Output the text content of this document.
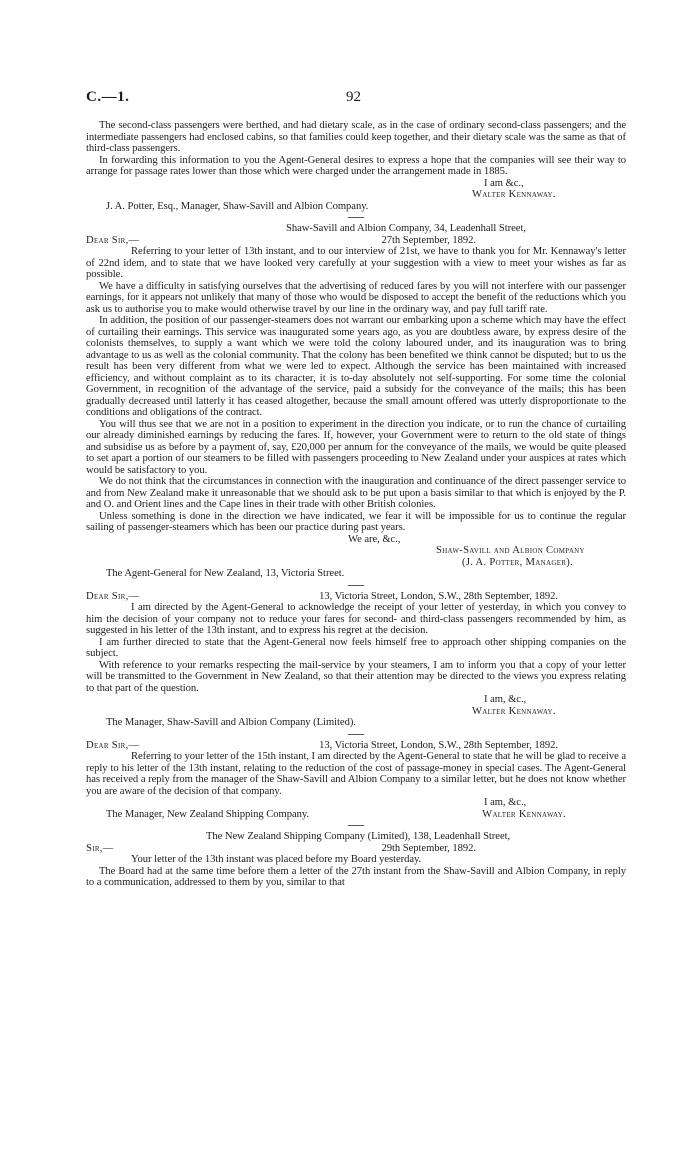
C.—1.	92

The second-class passengers were berthed, and had dietary scale, as in the case of ordinary second-class passengers; and the intermediate passengers had enclosed cabins, so that families could keep together, and their dietary scale was the same as that of third-class passengers.

In forwarding this information to you the Agent-General desires to express a hope that the companies will see their way to arrange for passage rates lower than those which were charged under the arrangement made in 1885.

I am &c.,

Walter Kennaway.

J. A. Potter, Esq., Manager, Shaw-Savill and Albion Company.

Shaw-Savill and Albion Company, 34, Leadenhall Street,

Dear Sir,—	27th September, 1892.

Referring to your letter of 13th instant, and to our interview of 21st, we have to thank you for Mr. Kennaway's letter of 22nd idem, and to state that we have looked very carefully at your suggestion with a view to meet your wishes as far as possible.

We have a difficulty in satisfying ourselves that the advertising of reduced fares by you will not interfere with our passenger earnings, for it appears not unlikely that many of those who would be disposed to accept the benefit of the reductions which you ask us to authorise you to make would otherwise travel by our line in the ordinary way, and pay full tariff rate.

In addition, the position of our passenger-steamers does not warrant our embarking upon a scheme which may have the effect of curtailing their earnings. This service was inaugurated some years ago, as you are doubtless aware, by express desire of the colonists themselves, to supply a want which we were told the colony laboured under, and its inauguration was to bring advantage to us as well as the colonial community. That the colony has been benefited we think cannot be disputed; but to us the result has been very different from what we were led to expect. Although the service has been maintained with increased efficiency, and without complaint as to its character, it is to-day absolutely not self-supporting. For some time the colonial Government, in recognition of the advantage of the service, paid a subsidy for the conveyance of the mails; this has been gradually decreased until latterly it has ceased altogether, because the small amount offered was utterly disproportionate to the conditions and obligations of the contract.

You will thus see that we are not in a position to experiment in the direction you indicate, or to run the chance of curtailing our already diminished earnings by reducing the fares. If, however, your Government were to return to the old state of things and subsidise us as before by a payment of, say, £20,000 per annum for the conveyance of the mails, we would be quite pleased to set apart a portion of our steamers to be filled with passengers proceeding to New Zealand under your auspices at rates which would be satisfactory to you.

We do not think that the circumstances in connection with the inauguration and continuance of the direct passenger service to and from New Zealand make it unreasonable that we should ask to be put upon a basis similar to that which is enjoyed by the P. and O. and Orient lines and the Cape lines in their trade with other British colonies.

Unless something is done in the direction we have indicated, we fear it will be impossible for us to continue the regular sailing of passenger-steamers which has been our practice during past years.

We are, &c.,

Shaw-Savill and Albion Company

(J. A. Potter, Manager).

The Agent-General for New Zealand, 13, Victoria Street.

Dear Sir,—	13, Victoria Street, London, S.W., 28th September, 1892.

I am directed by the Agent-General to acknowledge the receipt of your letter of yesterday, in which you convey to him the decision of your company not to reduce your fares for second- and third-class passengers recommended by him, as suggested in his letter of the 13th instant, and to express his regret at the decision.

I am further directed to state that the Agent-General now feels himself free to approach other shipping companies on the subject.

With reference to your remarks respecting the mail-service by your steamers, I am to inform you that a copy of your letter will be transmitted to the Government in New Zealand, so that their attention may be directed to the views you express relating to that part of the question.

I am, &c.,

Walter Kennaway.

The Manager, Shaw-Savill and Albion Company (Limited).

Dear Sir,—	13, Victoria Street, London, S.W., 28th September, 1892.

Referring to your letter of the 15th instant, I am directed by the Agent-General to state that he will be glad to receive a reply to his letter of the 13th instant, relating to the reduction of the cost of passage-money in special cases. The Agent-General has received a reply from the manager of the Shaw-Savill and Albion Company to a similar letter, but he does not know whether you are aware of the decision of that company.

I am, &c.,

The Manager, New Zealand Shipping Company.	Walter Kennaway.

The New Zealand Shipping Company (Limited), 138, Leadenhall Street,

Sir,—	29th September, 1892.

Your letter of the 13th instant was placed before my Board yesterday.

The Board had at the same time before them a letter of the 27th instant from the Shaw-Savill and Albion Company, in reply to a communication, addressed to them by you, similar to that
